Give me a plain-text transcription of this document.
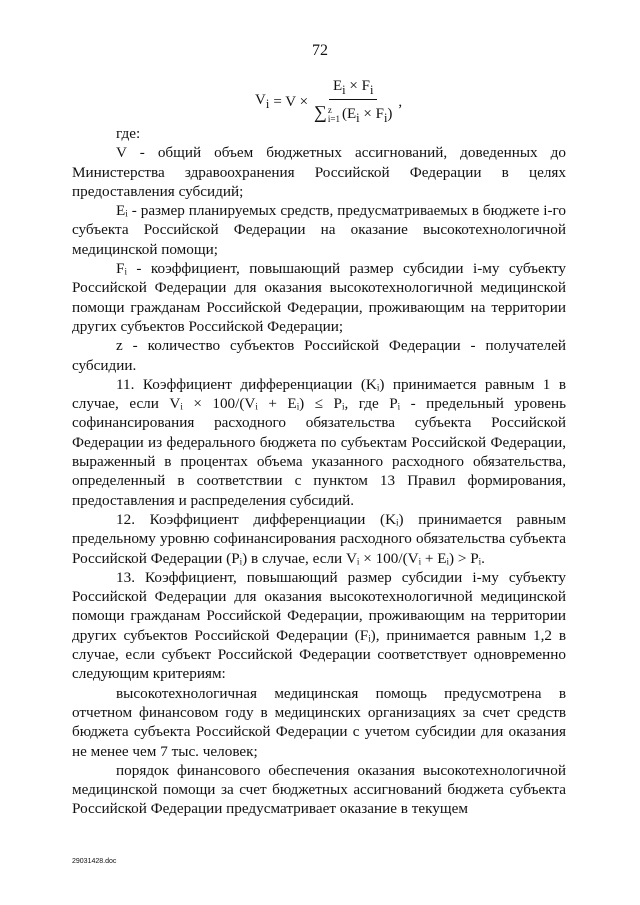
72
$V_i = V \times E_i \times F_i$
∑ z
i=1 $(E_i \times F_i)$ ,

где:

V - общий объем бюджетных ассигнований, доведенных до Министерства здравоохранения Российской Федерации в целях предоставления субсидий;

Eᵢ - размер планируемых средств, предусматриваемых в бюджете i-го субъекта Российской Федерации на оказание высокотехнологичной медицинской помощи;

Fᵢ - коэффициент, повышающий размер субсидии i-му субъекту Российской Федерации для оказания высокотехнологичной медицинской помощи гражданам Российской Федерации, проживающим на территории других субъектов Российской Федерации;

z - количество субъектов Российской Федерации - получателей субсидии.

11. Коэффициент дифференциации (Kᵢ) принимается равным 1 в случае, если Vᵢ × 100/(Vᵢ + Eᵢ) ≤ Pᵢ, где Pᵢ - предельный уровень софинансирования расходного обязательства субъекта Российской Федерации из федерального бюджета по субъектам Российской Федерации, выраженный в процентах объема указанного расходного обязательства, определенный в соответствии с пунктом 13 Правил формирования, предоставления и распределения субсидий.

12. Коэффициент дифференциации (Kᵢ) принимается равным предельному уровню софинансирования расходного обязательства субъекта Российской Федерации (Pᵢ) в случае, если Vᵢ × 100/(Vᵢ + Eᵢ) > Pᵢ.

13. Коэффициент, повышающий размер субсидии i-му субъекту Российской Федерации для оказания высокотехнологичной медицинской помощи гражданам Российской Федерации, проживающим на территории других субъектов Российской Федерации (Fᵢ), принимается равным 1,2 в случае, если субъект Российской Федерации соответствует одновременно следующим критериям:

высокотехнологичная медицинская помощь предусмотрена в отчетном финансовом году в медицинских организациях за счет средств бюджета субъекта Российской Федерации с учетом субсидии для оказания не менее чем 7 тыс. человек;

порядок финансового обеспечения оказания высокотехнологичной медицинской помощи за счет бюджетных ассигнований бюджета субъекта Российской Федерации предусматривает оказание в текущем

29031428.doc
